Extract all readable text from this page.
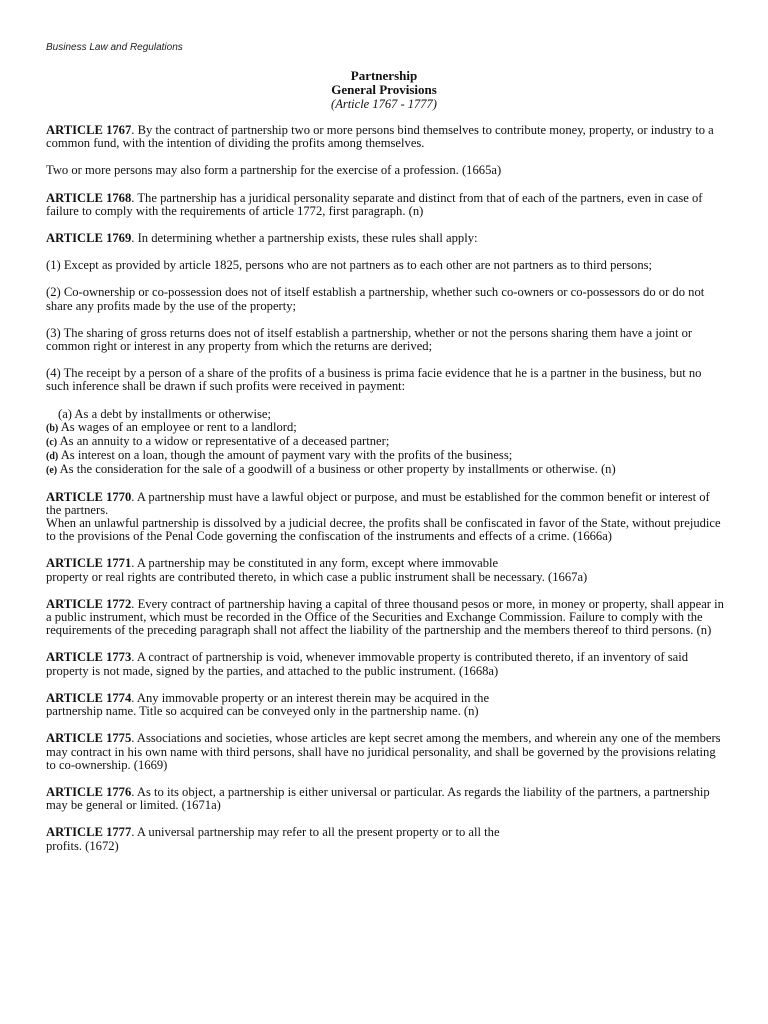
Business Law and Regulations
Partnership
General Provisions
(Article 1767 - 1777)

ARTICLE 1767. By the contract of partnership two or more persons bind themselves to contribute money, property, or industry to a common fund, with the intention of dividing the profits among themselves.

Two or more persons may also form a partnership for the exercise of a profession. (1665a)

ARTICLE 1768. The partnership has a juridical personality separate and distinct from that of each of the partners, even in case of failure to comply with the requirements of article 1772, first paragraph. (n)

ARTICLE 1769. In determining whether a partnership exists, these rules shall apply:

(1) Except as provided by article 1825, persons who are not partners as to each other are not partners as to third persons;

(2) Co-ownership or co-possession does not of itself establish a partnership, whether such co-owners or co-possessors do or do not share any profits made by the use of the property;

(3) The sharing of gross returns does not of itself establish a partnership, whether or not the persons sharing them have a joint or common right or interest in any property from which the returns are derived;

(4) The receipt by a person of a share of the profits of a business is prima facie evidence that he is a partner in the business, but no such inference shall be drawn if such profits were received in payment:

(a) As a debt by installments or otherwise;
(b) As wages of an employee or rent to a landlord;
(c) As an annuity to a widow or representative of a deceased partner;
(d) As interest on a loan, though the amount of payment vary with the profits of the business;
(e) As the consideration for the sale of a goodwill of a business or other property by installments or otherwise. (n)

ARTICLE 1770. A partnership must have a lawful object or purpose, and must be established for the common benefit or interest of the partners.
When an unlawful partnership is dissolved by a judicial decree, the profits shall be confiscated in favor of the State, without prejudice to the provisions of the Penal Code governing the confiscation of the instruments and effects of a crime. (1666a)

ARTICLE 1771. A partnership may be constituted in any form, except where immovable
property or real rights are contributed thereto, in which case a public instrument shall be necessary. (1667a)

ARTICLE 1772. Every contract of partnership having a capital of three thousand pesos or more, in money or property, shall appear in a public instrument, which must be recorded in the Office of the Securities and Exchange Commission. Failure to comply with the requirements of the preceding paragraph shall not affect the liability of the partnership and the members thereof to third persons. (n)

ARTICLE 1773. A contract of partnership is void, whenever immovable property is contributed thereto, if an inventory of said property is not made, signed by the parties, and attached to the public instrument. (1668a)

ARTICLE 1774. Any immovable property or an interest therein may be acquired in the
partnership name. Title so acquired can be conveyed only in the partnership name. (n)

ARTICLE 1775. Associations and societies, whose articles are kept secret among the members, and wherein any one of the members may contract in his own name with third persons, shall have no juridical personality, and shall be governed by the provisions relating to co-ownership. (1669)

ARTICLE 1776. As to its object, a partnership is either universal or particular. As regards the liability of the partners, a partnership may be general or limited. (1671a)

ARTICLE 1777. A universal partnership may refer to all the present property or to all the
profits. (1672)
